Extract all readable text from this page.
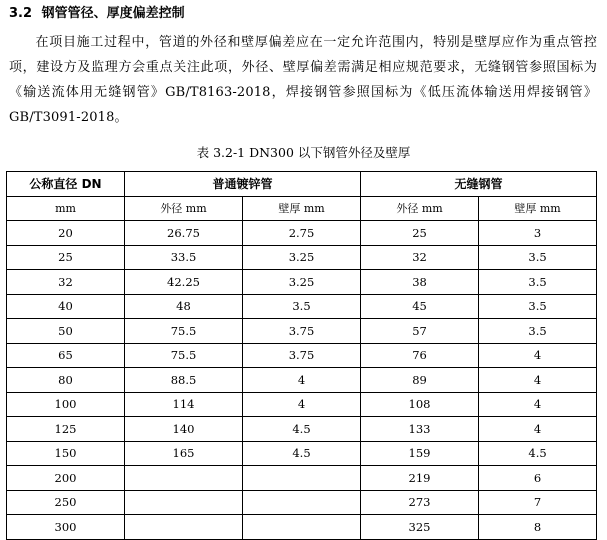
3.2 钢管管径、厚度偏差控制
在项目施工过程中，管道的外径和壁厚偏差应在一定允许范围内，特别是壁厚应作为重点管控项，建设方及监理方会重点关注此项，外径、壁厚偏差需满足相应规范要求，无缝钢管参照国标为《输送流体用无缝钢管》GB/T8163-2018，焊接钢管参照国标为《低压流体输送用焊接钢管》GB/T3091-2018。
表 3.2-1 DN300 以下钢管外径及壁厚
公称直径 DN	普通镀锌管		无缝钢管	
mm	外径 mm	壁厚 mm	外径 mm	壁厚 mm
20	26.75	2.75	25	3
25	33.5	3.25	32	3.5
32	42.25	3.25	38	3.5
40	48	3.5	45	3.5
50	75.5	3.75	57	3.5
65	75.5	3.75	76	4
80	88.5	4	89	4
100	114	4	108	4
125	140	4.5	133	4
150	165	4.5	159	4.5
200			219	6
250			273	7
300			325	8
